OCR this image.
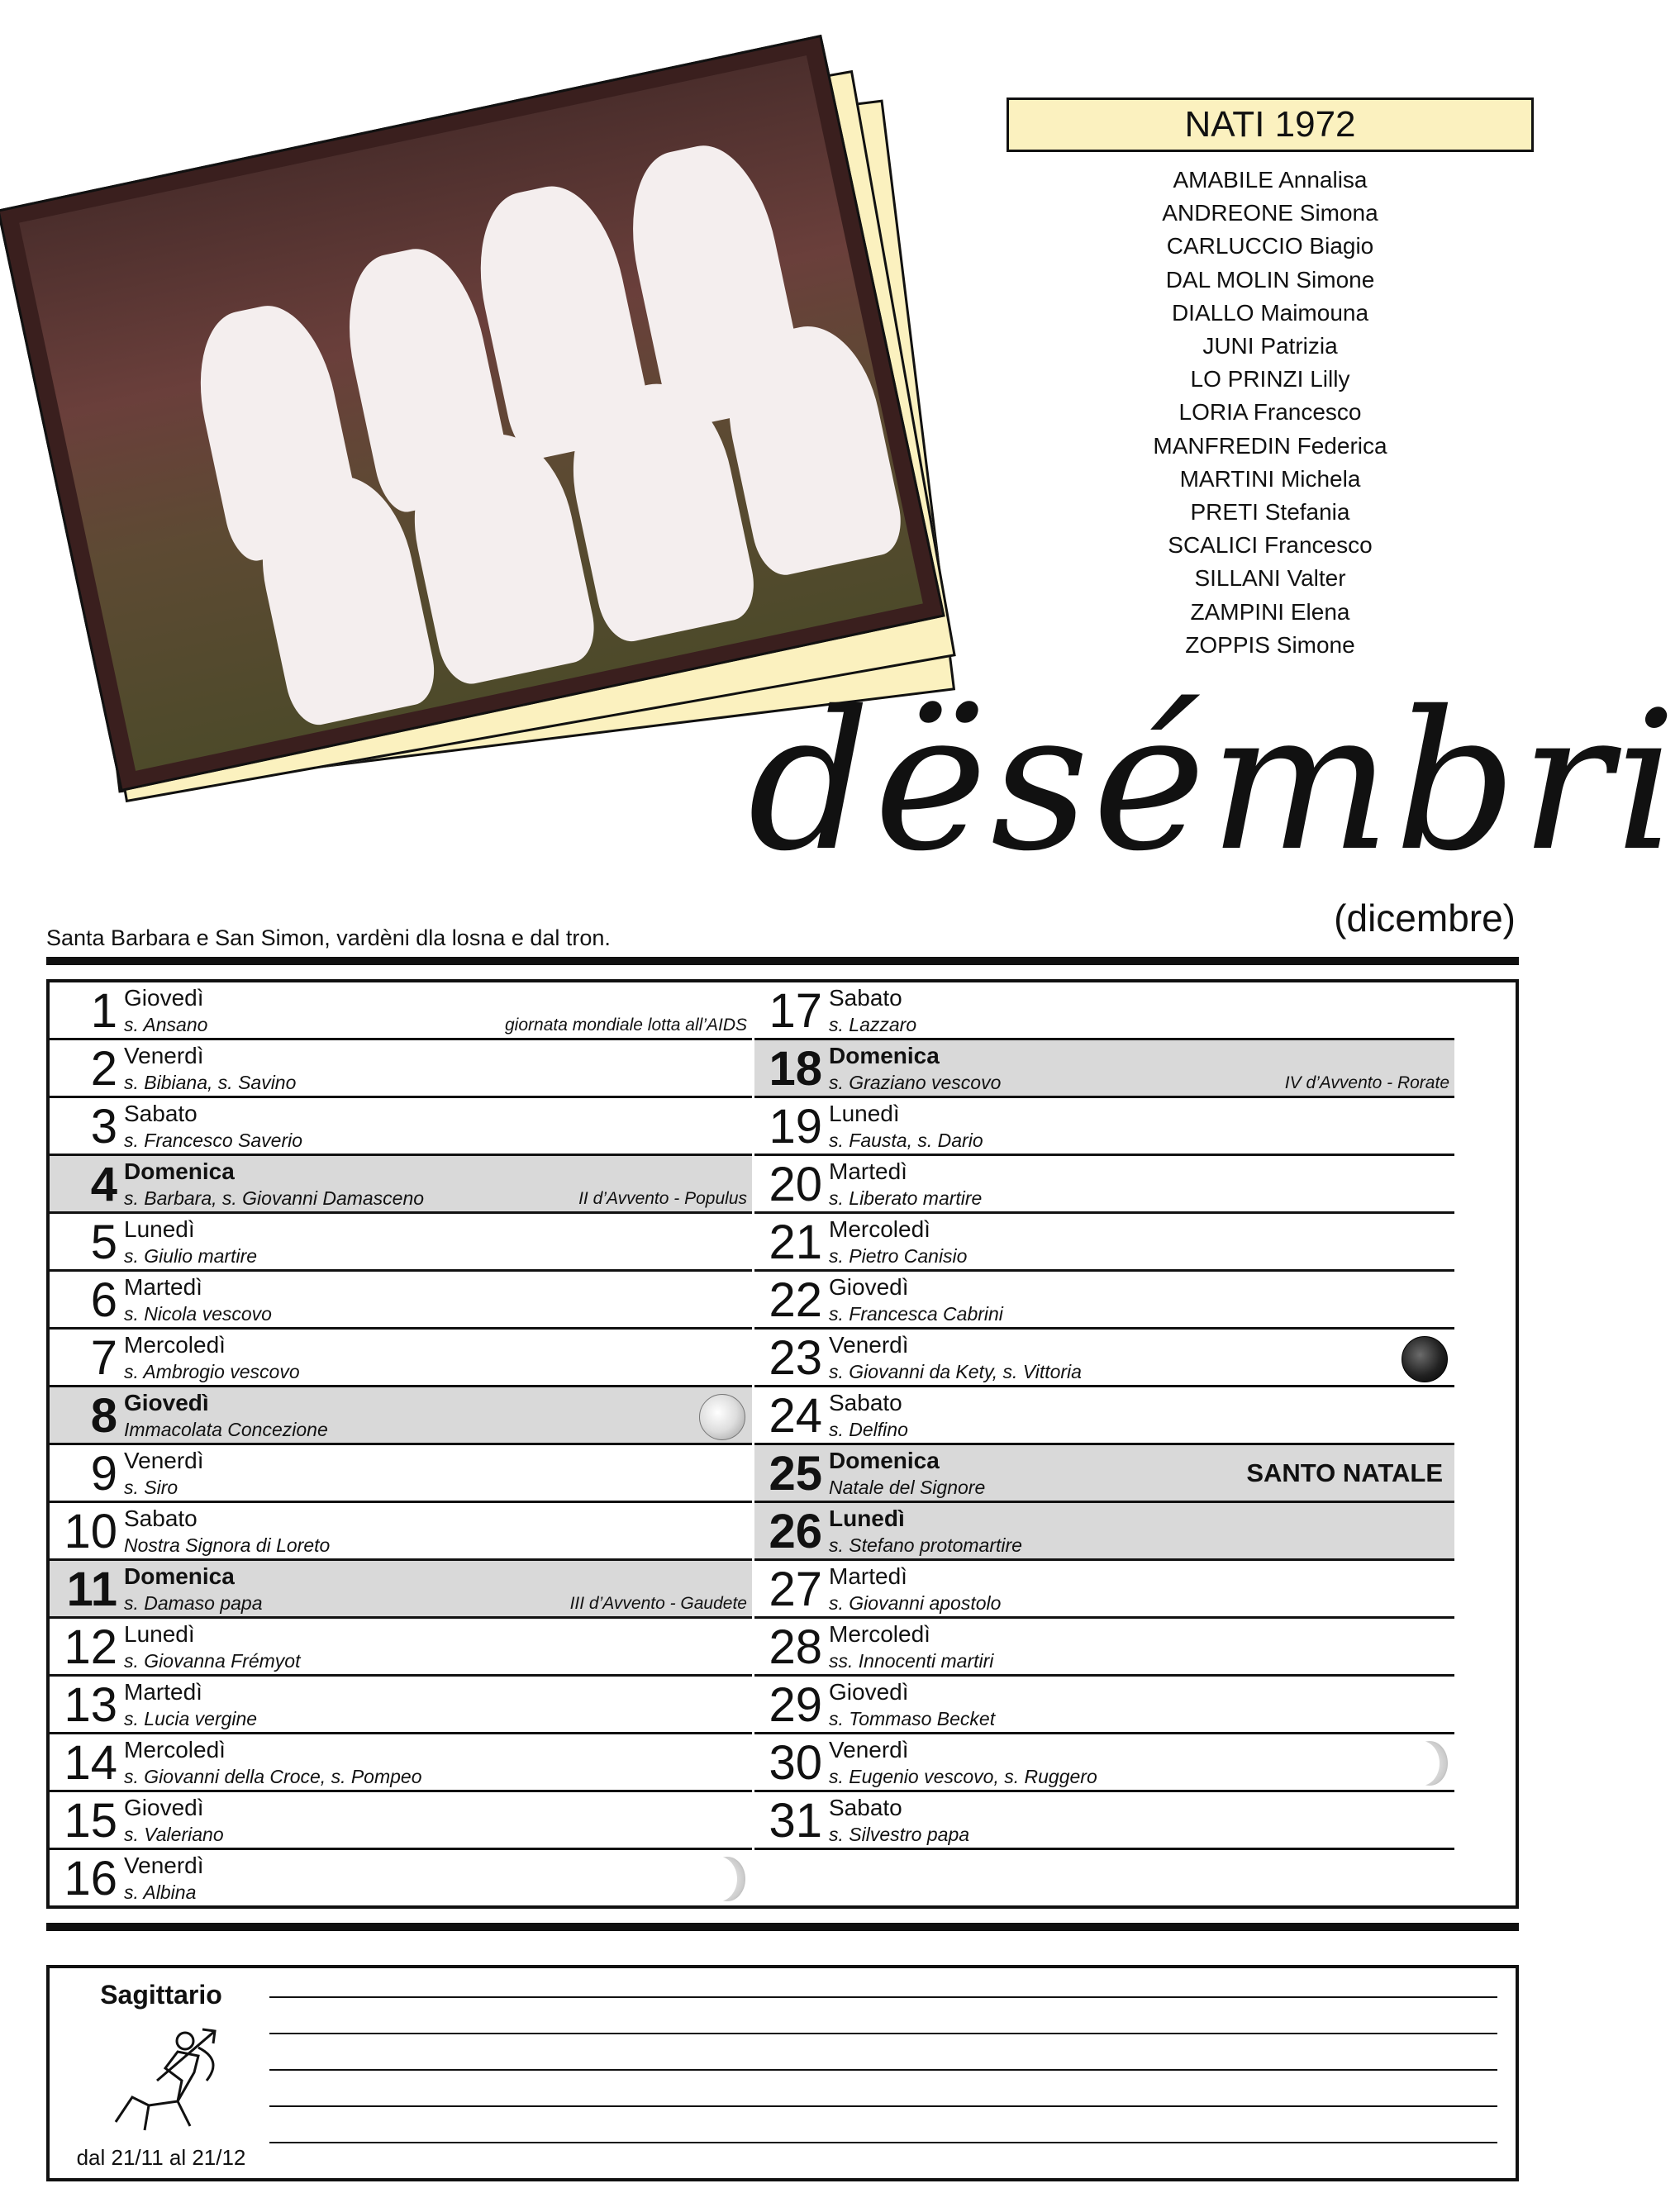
NATI 1972
AMABILE Annalisa
ANDREONE Simona
CARLUCCIO Biagio
DAL MOLIN Simone
DIALLO Maimouna
JUNI Patrizia
LO PRINZI Lilly
LORIA Francesco
MANFREDIN Federica
MARTINI Michela
PRETI Stefania
SCALICI Francesco
SILLANI Valter
ZAMPINI Elena
ZOPPIS Simone
dësémbri
(dicembre)
Santa Barbara e San Simon, vardèni dla losna e dal tron.
1 Giovedì
s. Ansano	giornata mondiale lotta all’AIDS
2 Venerdì
s. Bibiana, s. Savino
3 Sabato
s. Francesco Saverio
4 Domenica
s. Barbara, s. Giovanni Damasceno	II d’Avvento - Populus
5 Lunedì
s. Giulio martire
6 Martedì
s. Nicola vescovo
7 Mercoledì
s. Ambrogio vescovo
8 Giovedì
Immacolata Concezione
9 Venerdì
s. Siro
10 Sabato
Nostra Signora di Loreto
11 Domenica
s. Damaso papa	III d’Avvento - Gaudete
12 Lunedì
s. Giovanna Frémyot
13 Martedì
s. Lucia vergine
14 Mercoledì
s. Giovanni della Croce, s. Pompeo
15 Giovedì
s. Valeriano
16 Venerdì
s. Albina
17 Sabato
s. Lazzaro
18 Domenica
s. Graziano vescovo	IV d’Avvento - Rorate
19 Lunedì
s. Fausta, s. Dario
20 Martedì
s. Liberato martire
21 Mercoledì
s. Pietro Canisio
22 Giovedì
s. Francesca Cabrini
23 Venerdì
s. Giovanni da Kety, s. Vittoria
24 Sabato
s. Delfino
25 Domenica
Natale del Signore	SANTO NATALE
26 Lunedì
s. Stefano protomartire
27 Martedì
s. Giovanni apostolo
28 Mercoledì
ss. Innocenti martiri
29 Giovedì
s. Tommaso Becket
30 Venerdì
s. Eugenio vescovo, s. Ruggero
31 Sabato
s. Silvestro papa
Sagittario
dal 21/11 al 21/12
